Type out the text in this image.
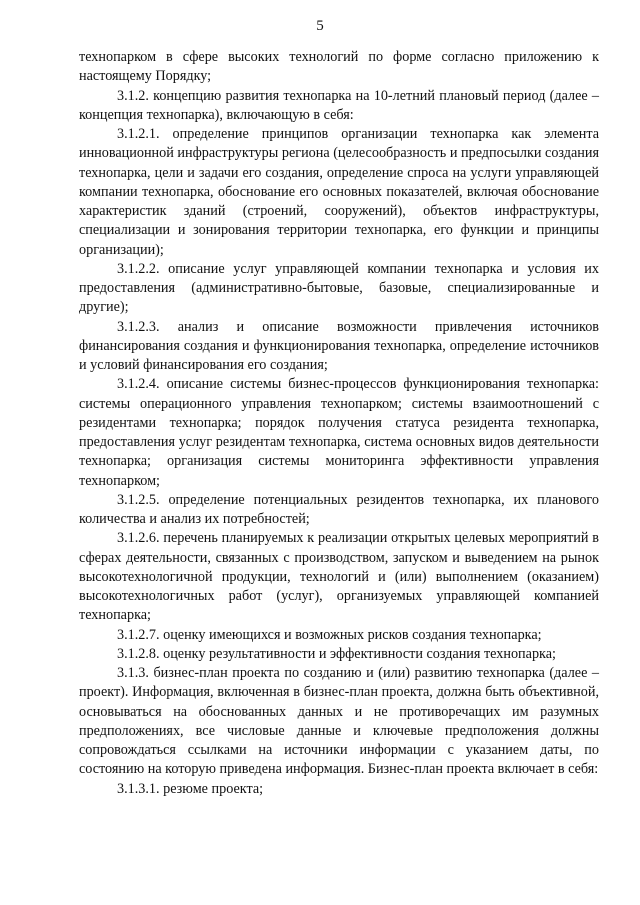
5

технопарком в сфере высоких технологий по форме согласно приложению к настоящему Порядку;

3.1.2. концепцию развития технопарка на 10-летний плановый период (далее – концепция технопарка), включающую в себя:

3.1.2.1. определение принципов организации технопарка как элемента инновационной инфраструктуры региона (целесообразность и предпосылки создания технопарка, цели и задачи его создания, определение спроса на услуги управляющей компании технопарка, обоснование его основных показателей, включая обоснование характеристик зданий (строений, сооружений), объектов инфраструктуры, специализации и зонирования территории технопарка, его функции и принципы организации);

3.1.2.2. описание услуг управляющей компании технопарка и условия их предоставления (административно-бытовые, базовые, специализированные и другие);

3.1.2.3. анализ и описание возможности привлечения источников финансирования создания и функционирования технопарка, определение источников и условий финансирования его создания;

3.1.2.4. описание системы бизнес-процессов функционирования технопарка: системы операционного управления технопарком; системы взаимоотношений с резидентами технопарка; порядок получения статуса резидента технопарка, предоставления услуг резидентам технопарка, система основных видов деятельности технопарка; организация системы мониторинга эффективности управления технопарком;

3.1.2.5. определение потенциальных резидентов технопарка, их планового количества и анализ их потребностей;

3.1.2.6. перечень планируемых к реализации открытых целевых мероприятий в сферах деятельности, связанных с производством, запуском и выведением на рынок высокотехнологичной продукции, технологий и (или) выполнением (оказанием) высокотехнологичных работ (услуг), организуемых управляющей компанией технопарка;

3.1.2.7. оценку имеющихся и возможных рисков создания технопарка;

3.1.2.8. оценку результативности и эффективности создания технопарка;

3.1.3. бизнес-план проекта по созданию и (или) развитию технопарка (далее – проект). Информация, включенная в бизнес-план проекта, должна быть объективной, основываться на обоснованных данных и не противоречащих им разумных предположениях, все числовые данные и ключевые предположения должны сопровождаться ссылками на источники информации с указанием даты, по состоянию на которую приведена информация. Бизнес-план проекта включает в себя:

3.1.3.1. резюме проекта;
